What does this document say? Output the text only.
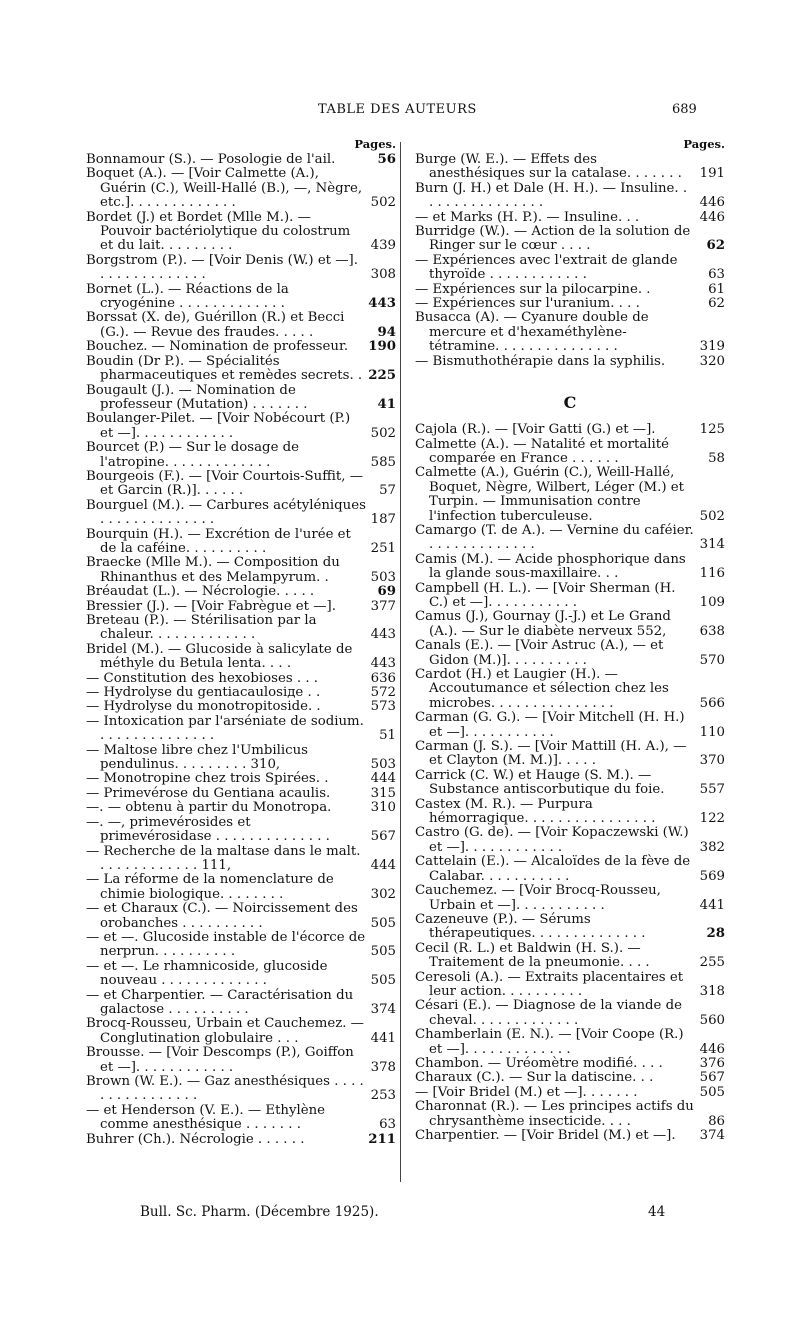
TABLE DES AUTEURS	689
Pages.
Bonnamour (S.). — Posologie de l'ail.	56
Boquet (A.). — [Voir Calmette (A.), Guérin (C.), Weill-Hallé (B.), —, Nègre, etc.]. . . . . . . . . . . . .	502
Bordet (J.) et Bordet (Mlle M.). — Pouvoir bactériolytique du colostrum et du lait. . . . . . . . .	439
Borgstrom (P.). — [Voir Denis (W.) et —]. . . . . . . . . . . . . .	308
Bornet (L.). — Réactions de la cryogénine . . . . . . . . . . . . .	443
Borssat (X. de), Guérillon (R.) et Becci (G.). — Revue des fraudes. . . . .	94
Bouchez. — Nomination de professeur.	190
Boudin (Dr P.). — Spécialités pharmaceutiques et remèdes secrets. . 225
Bougault (J.). — Nomination de professeur (Mutation) . . . . . . .	41
Boulanger-Pilet. — [Voir Nobécourt (P.) et —]. . . . . . . . . . . .	502
Bourcet (P.) — Sur le dosage de l'atropine. . . . . . . . . . . . .	585
Bourgeois (F.). — [Voir Courtois-Suffit, — et Garcin (R.)]. . . . . .	57
Bourguel (M.). — Carbures acétyléniques . . . . . . . . . . . . . .	187
Bourquin (H.). — Excrétion de l'urée et de la caféine. . . . . . . . . .	251
Braecke (Mlle M.). — Composition du Rhinanthus et des Melampyrum. .	503
Bréaudat (L.). — Nécrologie. . . . .	69
Bressier (J.). — [Voir Fabrègue et —].	377
Breteau (P.). — Stérilisation par la chaleur. . . . . . . . . . . . .	443
Bridel (M.). — Glucoside à salicylate de méthyle du Betula lenta. . . .	443
— Constitution des hexobioses . . .	636
— Hydrolyse du gentiacaulosiде . .	572
— Hydrolyse du monotropitoside. .	573
— Intoxication par l'arséniate de sodium. . . . . . . . . . . . . . .	51
— Maltose libre chez l'Umbilicus pendulinus. . . . . . . . . 310,	503
— Monotropine chez trois Spirées. .	444
— Primevérose du Gentiana acaulis.	315
—. — obtenu à partir du Monotropa.	310
—. —, primevérosides et primevérosidase . . . . . . . . . . . . . .	567
— Recherche de la maltase dans le malt. . . . . . . . . . . . . 111,	444
— La réforme de la nomenclature de chimie biologique. . . . . . . .	302
— et Charaux (C.). — Noircissement des orobanches . . . . . . . . . .	505
— et —. Glucoside instable de l'écorce de nerprun. . . . . . . . . .	505
— et —. Le rhamnicoside, glucoside nouveau . . . . . . . . . . . . .	505
— et Charpentier. — Caractérisation du galactose . . . . . . . . . .	374
Brocq-Rousseu, Urbain et Cauchemez. — Conglutination globulaire . . .	441
Brousse. — [Voir Descomps (P.), Goiffon et —]. . . . . . . . . . . .	378
Brown (W. E.). — Gaz anesthésiques . . . . . . . . . . . . . . . .	253
— et Henderson (V. E.). — Ethylène comme anesthésique . . . . . . .	63
Buhrer (Ch.). Nécrologie . . . . . .	211
Pages.
Burge (W. E.). — Effets des anesthésiques sur la catalase. . . . . . .	191
Burn (J. H.) et Dale (H. H.). — Insuline. . . . . . . . . . . . . . . .	446
— et Marks (H. P.). — Insuline. . .	446
Burridge (W.). — Action de la solution de Ringer sur le cœur . . . .	62
— Expériences avec l'extrait de glande thyroïde . . . . . . . . . . . .	63
— Expériences sur la pilocarpine. .	61
— Expériences sur l'uranium. . . .	62
Busacca (A). — Cyanure double de mercure et d'hexaméthylène-tétramine. . . . . . . . . . . . . . .	319
— Bismuthothérapie dans la syphilis.	320
C
Cajola (R.). — [Voir Gatti (G.) et —].	125
Calmette (A.). — Natalité et mortalité comparée en France . . . . . .	58
Calmette (A.), Guérin (C.), Weill-Hallé, Boquet, Nègre, Wilbert, Léger (M.) et Turpin. — Immunisation contre l'infection tuberculeuse.	502
Camargo (T. de A.). — Vernine du caféier. . . . . . . . . . . . . .	314
Camis (M.). — Acide phosphorique dans la glande sous-maxillaire. . .	116
Campbell (H. L.). — [Voir Sherman (H. C.) et —]. . . . . . . . . . .	109
Camus (J.), Gournay (J.-J.) et Le Grand (A.). — Sur le diabète nerveux 552,	638
Canals (E.). — [Voir Astruc (A.), — et Gidon (M.)]. . . . . . . . . .	570
Cardot (H.) et Laugier (H.). — Accoutumance et sélection chez les microbes. . . . . . . . . . . . . . .	566
Carman (G. G.). — [Voir Mitchell (H. H.) et —]. . . . . . . . . . .	110
Carman (J. S.). — [Voir Mattill (H. A.), — et Clayton (M. M.)]. . . . .	370
Carrick (C. W.) et Hauge (S. M.). — Substance antiscorbutique du foie.	557
Castex (M. R.). — Purpura hémorragique. . . . . . . . . . . . . . . .	122
Castro (G. de). — [Voir Kopaczewski (W.) et —]. . . . . . . . . . . .	382
Cattelain (E.). — Alcaloïdes de la fève de Calabar. . . . . . . . . . .	569
Cauchemez. — [Voir Brocq-Rousseu, Urbain et —]. . . . . . . . . . .	441
Cazeneuve (P.). — Sérums thérapeutiques. . . . . . . . . . . . . .	28
Cecil (R. L.) et Baldwin (H. S.). — Traitement de la pneumonie. . . .	255
Ceresoli (A.). — Extraits placentaires et leur action. . . . . . . . . .	318
Césari (E.). — Diagnose de la viande de cheval. . . . . . . . . . . . .	560
Chamberlain (E. N.). — [Voir Coope (R.) et —]. . . . . . . . . . . . .	446
Chambon. — Uréomètre modifié. . . .	376
Charaux (C.). — Sur la datiscine. . .	567
— [Voir Bridel (M.) et —]. . . . . . .	505
Charonnat (R.). — Les principes actifs du chrysanthème insecticide. . . .	86
Charpentier. — [Voir Bridel (M.) et —].	374
Bull. Sc. Pharm. (Décembre 1925).	44
